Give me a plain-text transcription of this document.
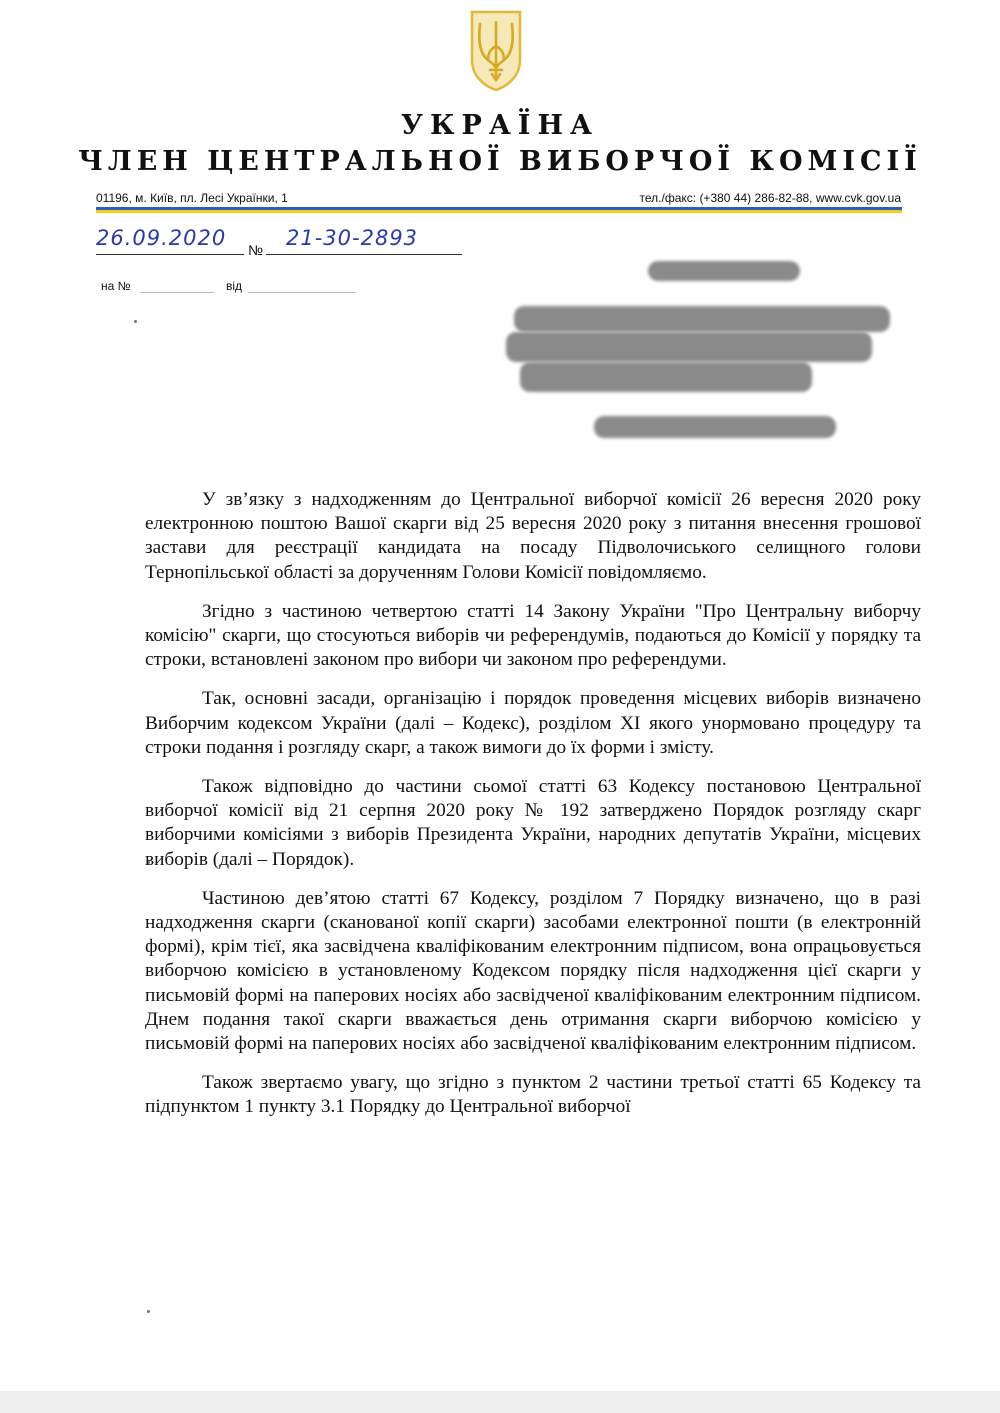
УКРАЇНА
ЧЛЕН ЦЕНТРАЛЬНОЇ ВИБОРЧОЇ КОМІСІЇ
01196, м. Київ, пл. Лесі Українки, 1	тел./факс: (+380 44) 286-82-88, www.cvk.gov.ua
26.09.2020 № 21-30-2893
на №	від

У зв’язку з надходженням до Центральної виборчої комісії 26 вересня 2020 року електронною поштою Вашої скарги від 25 вересня 2020 року з питання внесення грошової застави для реєстрації кандидата на посаду Підволочиського селищного голови Тернопільської області за дорученням Голови Комісії повідомляємо.

Згідно з частиною четвертою статті 14 Закону України "Про Центральну виборчу комісію" скарги, що стосуються виборів чи референдумів, подаються до Комісії у порядку та строки, встановлені законом про вибори чи законом про референдуми.

Так, основні засади, організацію і порядок проведення місцевих виборів визначено Виборчим кодексом України (далі – Кодекс), розділом XI якого унормовано процедуру та строки подання і розгляду скарг, а також вимоги до їх форми і змісту.

Також відповідно до частини сьомої статті 63 Кодексу постановою Центральної виборчої комісії від 21 серпня 2020 року № 192 затверджено Порядок розгляду скарг виборчими комісіями з виборів Президента України, народних депутатів України, місцевих виборів (далі – Порядок).

Частиною дев’ятою статті 67 Кодексу, розділом 7 Порядку визначено, що в разі надходження скарги (сканованої копії скарги) засобами електронної пошти (в електронній формі), крім тієї, яка засвідчена кваліфікованим електронним підписом, вона опрацьовується виборчою комісією в установленому Кодексом порядку після надходження цієї скарги у письмовій формі на паперових носіях або засвідченої кваліфікованим електронним підписом. Днем подання такої скарги вважається день отримання скарги виборчою комісією у письмовій формі на паперових носіях або засвідченої кваліфікованим електронним підписом.

Також звертаємо увагу, що згідно з пунктом 2 частини третьої статті 65 Кодексу та підпунктом 1 пункту 3.1 Порядку до Центральної виборчої
